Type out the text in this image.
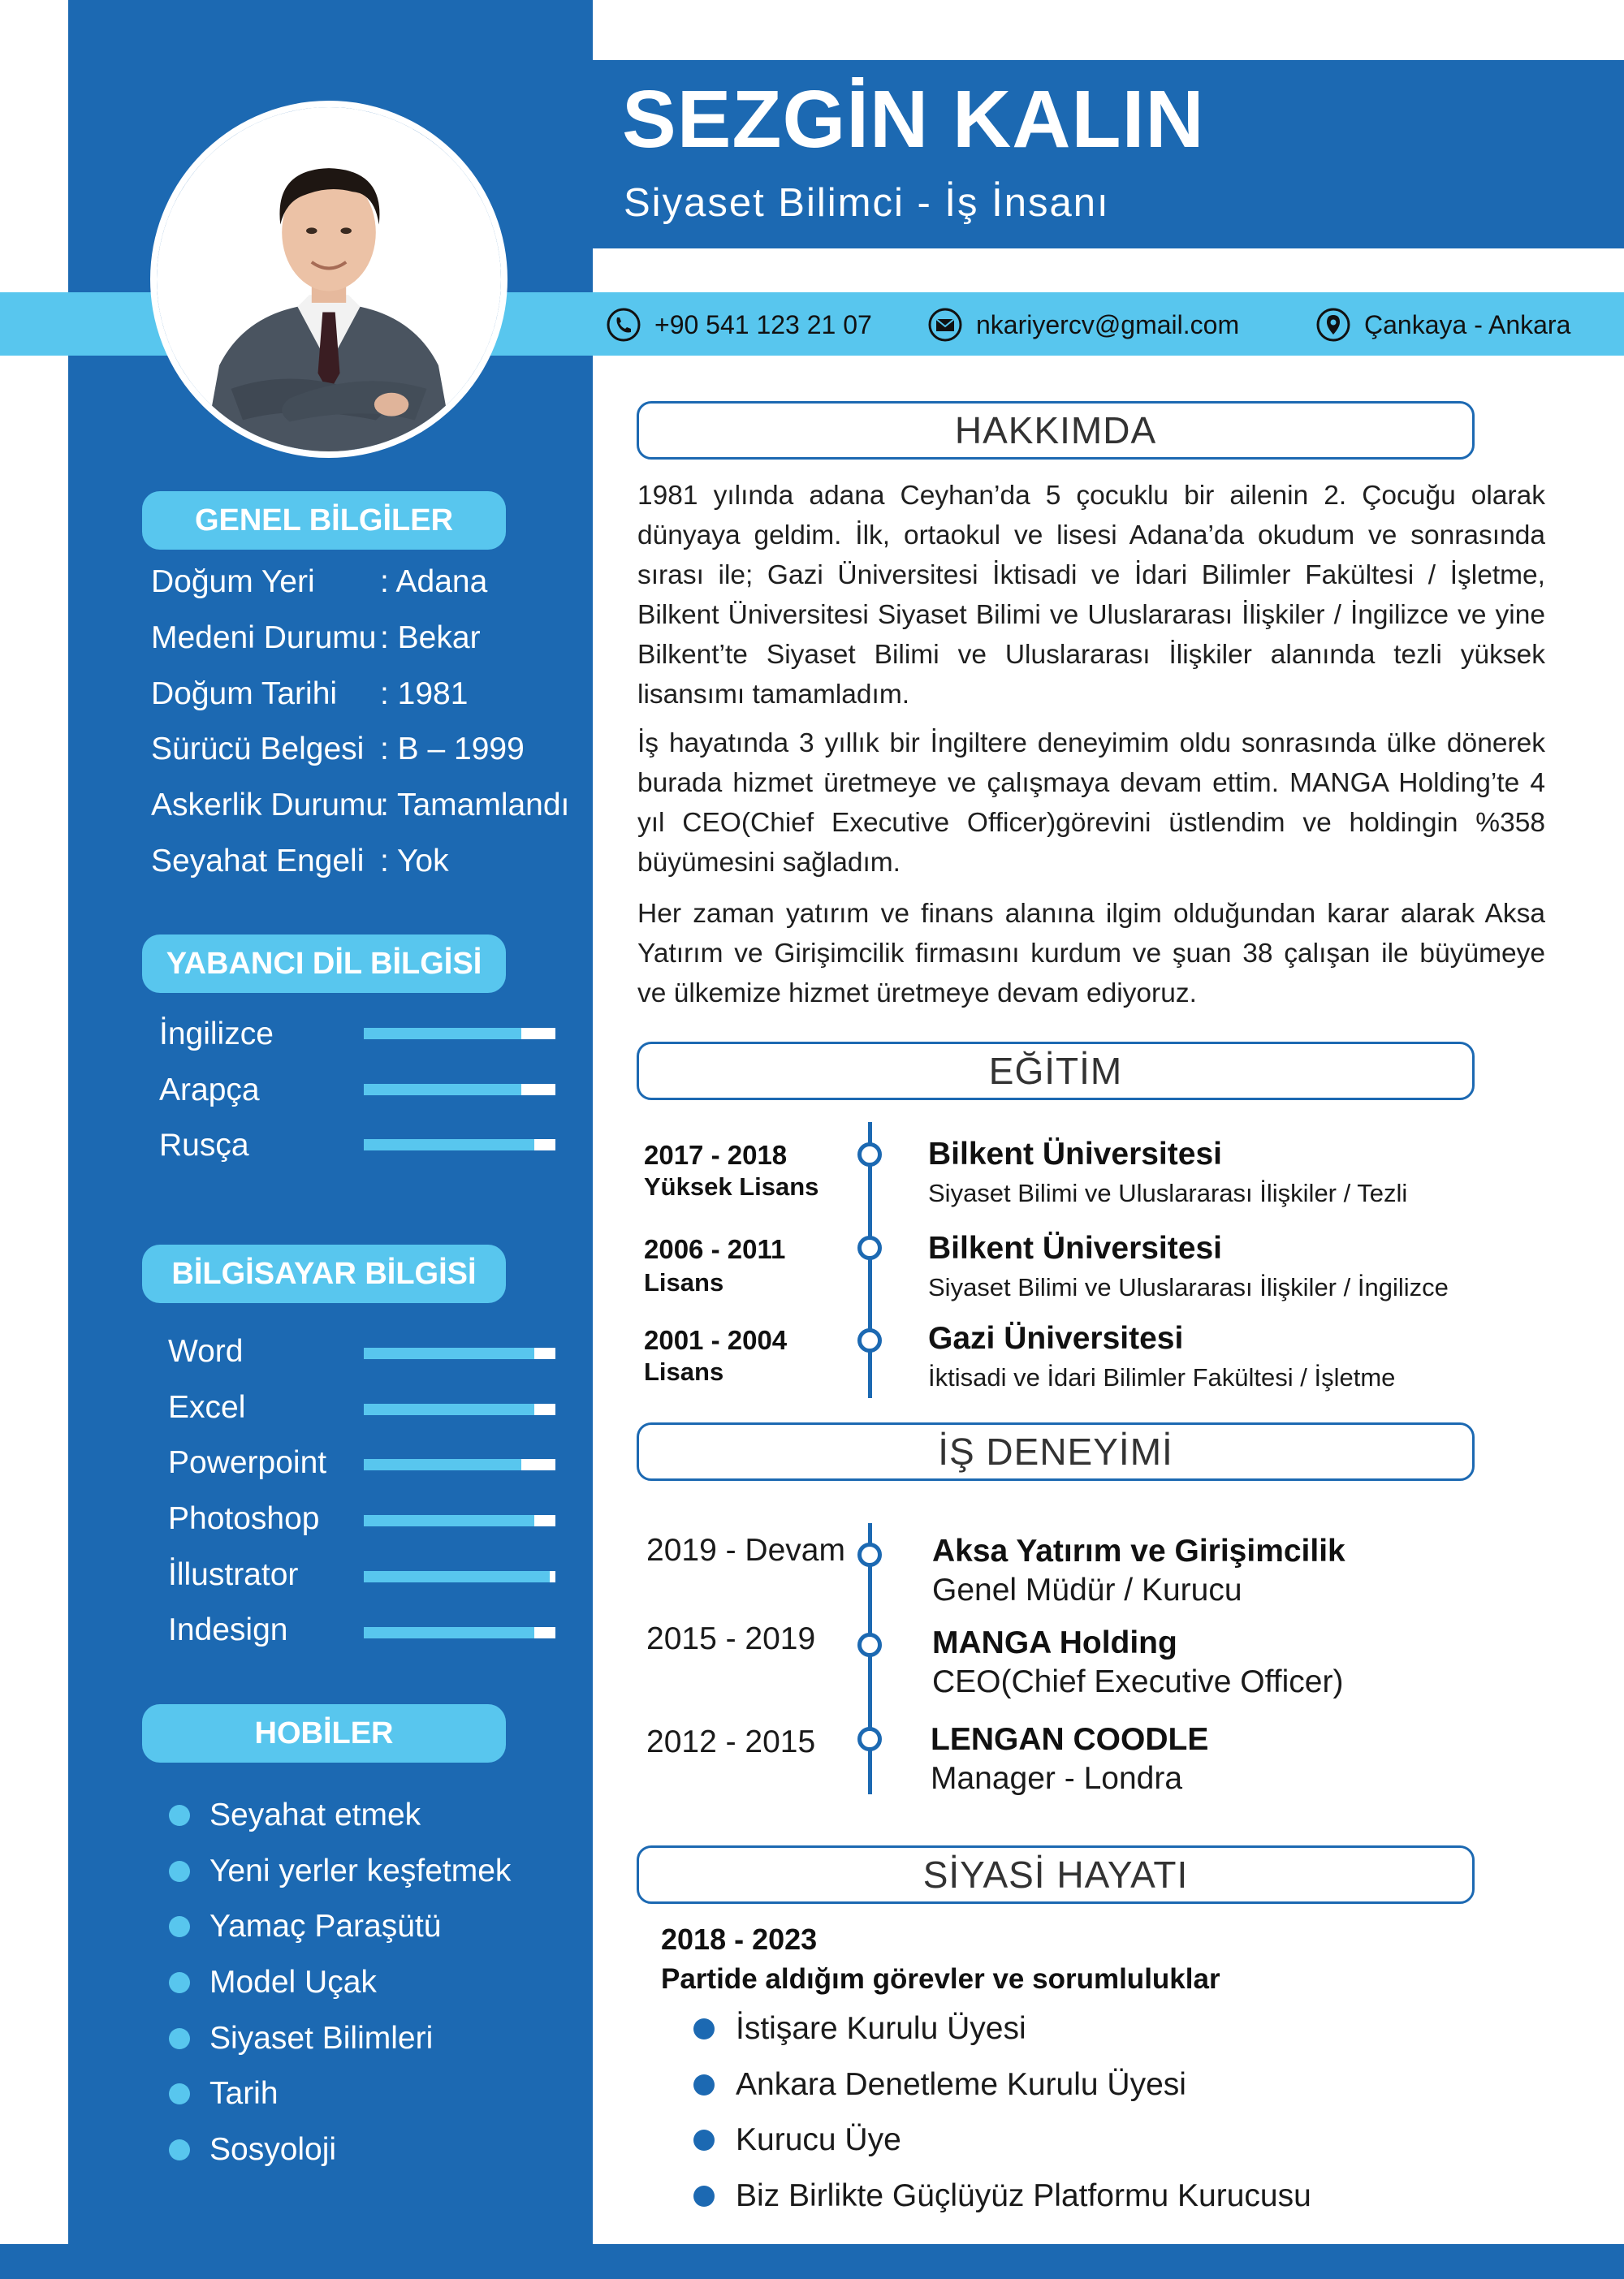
SEZGİN KALIN
Siyaset Bilimci - İş İnsanı
+90 541 123 21 07	nkariyercv@gmail.com	Çankaya - Ankara
GENEL BİLGİLER
Doğum Yeri : Adana
Medeni Durumu : Bekar
Doğum Tarihi : 1981
Sürücü Belgesi : B – 1999
Askerlik Durumu
: Tamamlandı
Seyahat Engeli : Yok
YABANCI DİL BİLGİSİ
İngilizce
Arapça
Rusça
BİLGİSAYAR BİLGİSİ
Word
Excel
Powerpoint
Photoshop
İllustrator
Indesign
HOBİLER
Seyahat etmek
Yeni yerler keşfetmek
Yamaç Paraşütü
Model Uçak
Siyaset Bilimleri
Tarih
Sosyoloji
HAKKIMDA

1981 yılında adana Ceyhan’da 5 çocuklu bir ailenin 2. Çocuğu olarak dünyaya geldim. İlk, ortaokul ve lisesi Adana’da okudum ve sonrasında sırası ile; Gazi Üniversitesi İktisadi ve İdari Bilimler Fakültesi / İşletme, Bilkent Üniversitesi Siyaset Bilimi ve Uluslararası İlişkiler / İngilizce ve yine Bilkent’te Siyaset Bilimi ve Uluslararası İlişkiler alanında tezli yüksek lisansımı tamamladım.

İş hayatında 3 yıllık bir İngiltere deneyimim oldu sonrasında ülke dönerek burada hizmet üretmeye ve çalışmaya devam ettim. MANGA Holding’te 4 yıl CEO(Chief Executive Officer)görevini üstlendim ve holdingin %358 büyümesini sağladım.

Her zaman yatırım ve finans alanına ilgim olduğundan karar alarak Aksa Yatırım ve Girişimcilik firmasını kurdum ve şuan 38 çalışan ile büyümeye ve ülkemize hizmet üretmeye devam ediyoruz.

EĞİTİM
2017 - 2018
Yüksek Lisans
Bilkent Üniversitesi
Siyaset Bilimi ve Uluslararası İlişkiler / Tezli
2006 - 2011
Lisans
Bilkent Üniversitesi
Siyaset Bilimi ve Uluslararası İlişkiler / İngilizce
2001 - 2004
Lisans
Gazi Üniversitesi
İktisadi ve İdari Bilimler Fakültesi / İşletme
İŞ DENEYİMİ
2019 - Devam	Aksa Yatırım ve Girişimcilik
Genel Müdür / Kurucu
2015 - 2019	MANGA Holding
CEO(Chief Executive Officer)
2012 - 2015	LENGAN COODLE
Manager - Londra
SİYASİ HAYATI
2018 - 2023
Partide aldığım görevler ve sorumluluklar
İstişare Kurulu Üyesi
Ankara Denetleme Kurulu Üyesi
Kurucu Üye
Biz Birlikte Güçlüyüz Platformu Kurucusu
